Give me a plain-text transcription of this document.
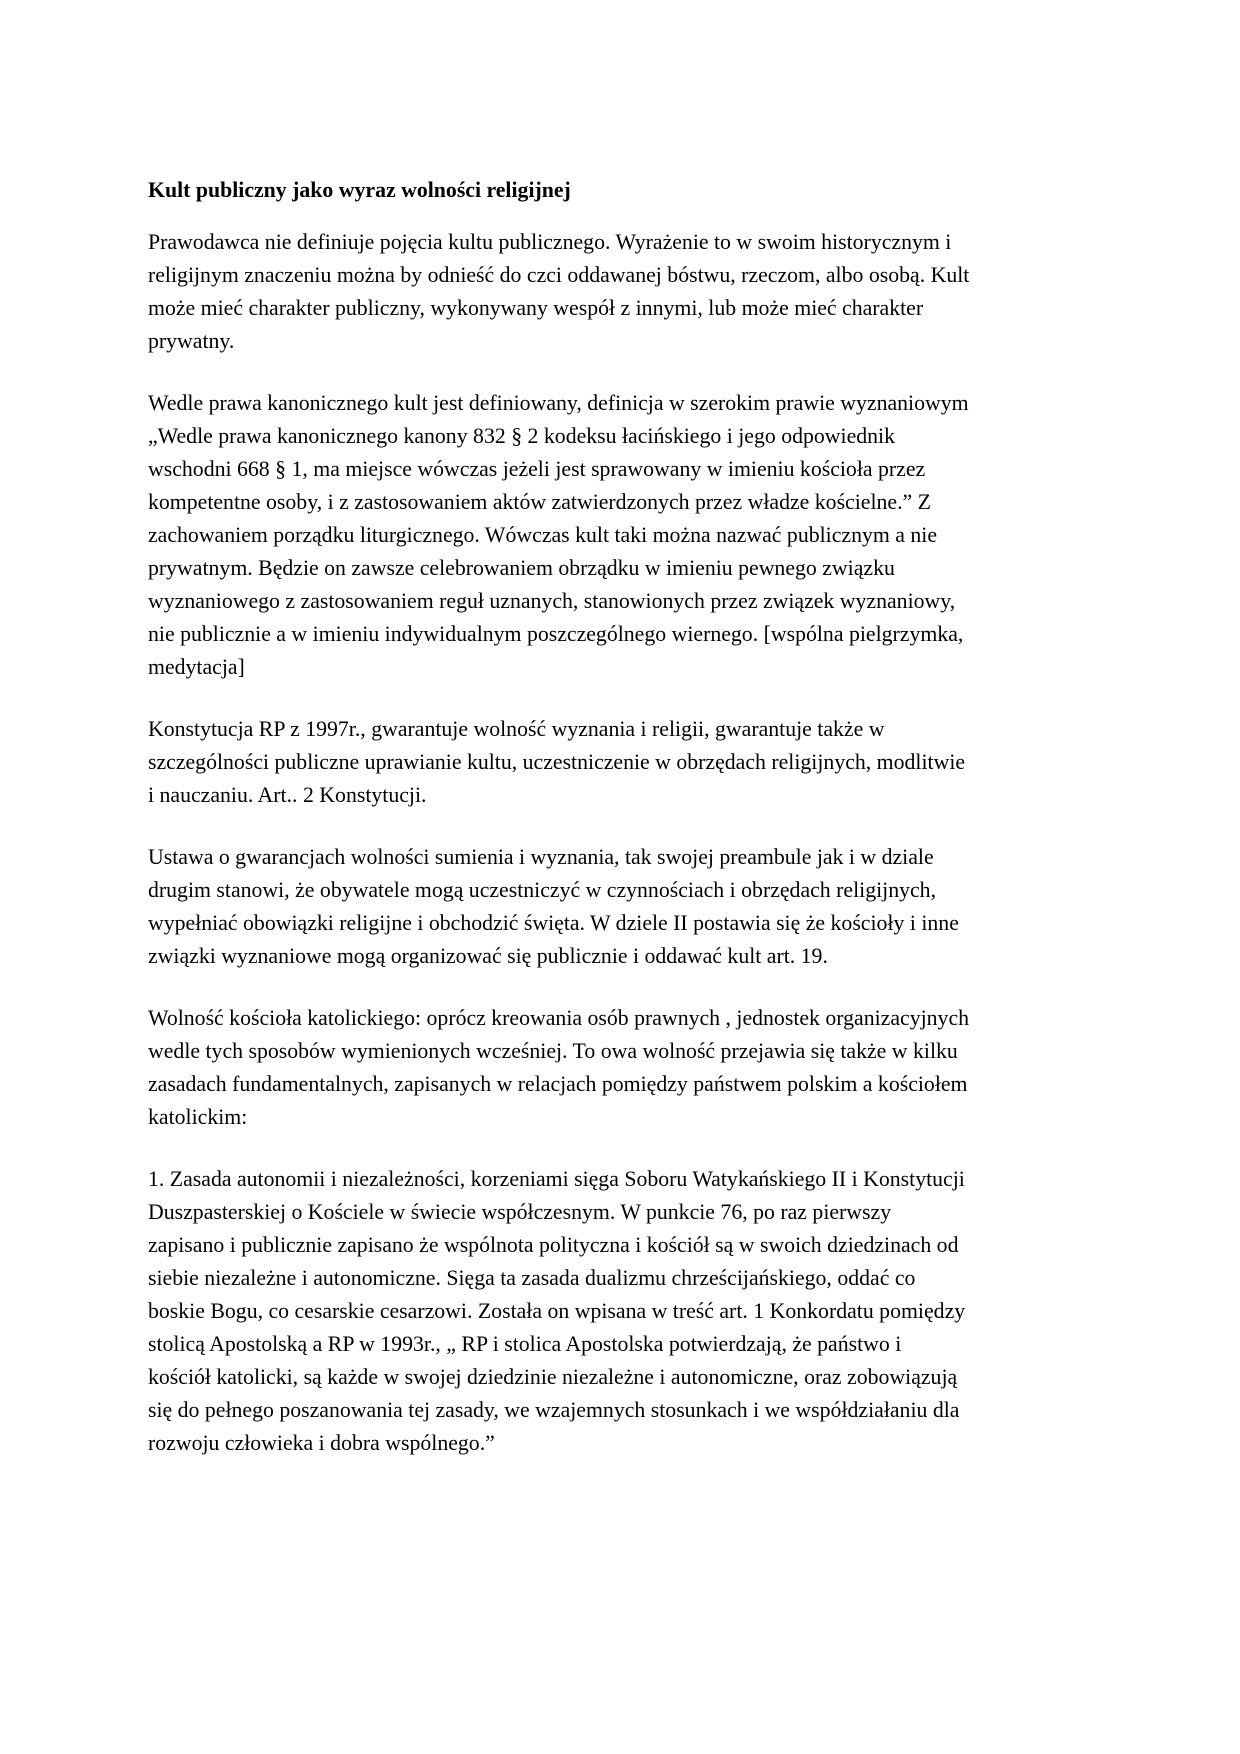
Kult publiczny jako wyraz wolności religijnej
Prawodawca nie definiuje pojęcia kultu publicznego. Wyrażenie to w swoim historycznym i
religijnym znaczeniu można by odnieść do czci oddawanej bóstwu, rzeczom, albo osobą. Kult
może mieć charakter publiczny, wykonywany wespół z innymi, lub może mieć charakter
prywatny.
Wedle prawa kanonicznego kult jest definiowany, definicja w szerokim prawie wyznaniowym
„Wedle prawa kanonicznego kanony 832 § 2 kodeksu łacińskiego i jego odpowiednik
wschodni 668 § 1, ma miejsce wówczas jeżeli jest sprawowany w imieniu kościoła przez
kompetentne osoby, i z zastosowaniem aktów zatwierdzonych przez władze kościelne.” Z
zachowaniem porządku liturgicznego. Wówczas kult taki można nazwać publicznym a nie
prywatnym. Będzie on zawsze celebrowaniem obrządku w imieniu pewnego związku
wyznaniowego z zastosowaniem reguł uznanych, stanowionych przez związek wyznaniowy,
nie publicznie a w imieniu indywidualnym poszczególnego wiernego. [wspólna pielgrzymka,
medytacja]
Konstytucja RP z 1997r., gwarantuje wolność wyznania i religii, gwarantuje także w
szczególności publiczne uprawianie kultu, uczestniczenie w obrzędach religijnych, modlitwie
i nauczaniu. Art.. 2 Konstytucji.
Ustawa o gwarancjach wolności sumienia i wyznania, tak swojej preambule jak i w dziale
drugim stanowi, że obywatele mogą uczestniczyć w czynnościach i obrzędach religijnych,
wypełniać obowiązki religijne i obchodzić święta. W dziele II postawia się że kościoły i inne
związki wyznaniowe mogą organizować się publicznie i oddawać kult art. 19.
Wolność kościoła katolickiego: oprócz kreowania osób prawnych , jednostek organizacyjnych
wedle tych sposobów wymienionych wcześniej. To owa wolność przejawia się także w kilku
zasadach fundamentalnych, zapisanych w relacjach pomiędzy państwem polskim a kościołem
katolickim:
1. Zasada autonomii i niezależności, korzeniami sięga Soboru Watykańskiego II i Konstytucji
Duszpasterskiej o Kościele w świecie współczesnym. W punkcie 76, po raz pierwszy
zapisano i publicznie zapisano że wspólnota polityczna i kościół są w swoich dziedzinach od
siebie niezależne i autonomiczne. Sięga ta zasada dualizmu chrześcijańskiego, oddać co
boskie Bogu, co cesarskie cesarzowi. Została on wpisana w treść art. 1 Konkordatu pomiędzy
stolicą Apostolską a RP w 1993r., „ RP i stolica Apostolska potwierdzają, że państwo i
kościół katolicki, są każde w swojej dziedzinie niezależne i autonomiczne, oraz zobowiązują
się do pełnego poszanowania tej zasady, we wzajemnych stosunkach i we współdziałaniu dla
rozwoju człowieka i dobra wspólnego.”
